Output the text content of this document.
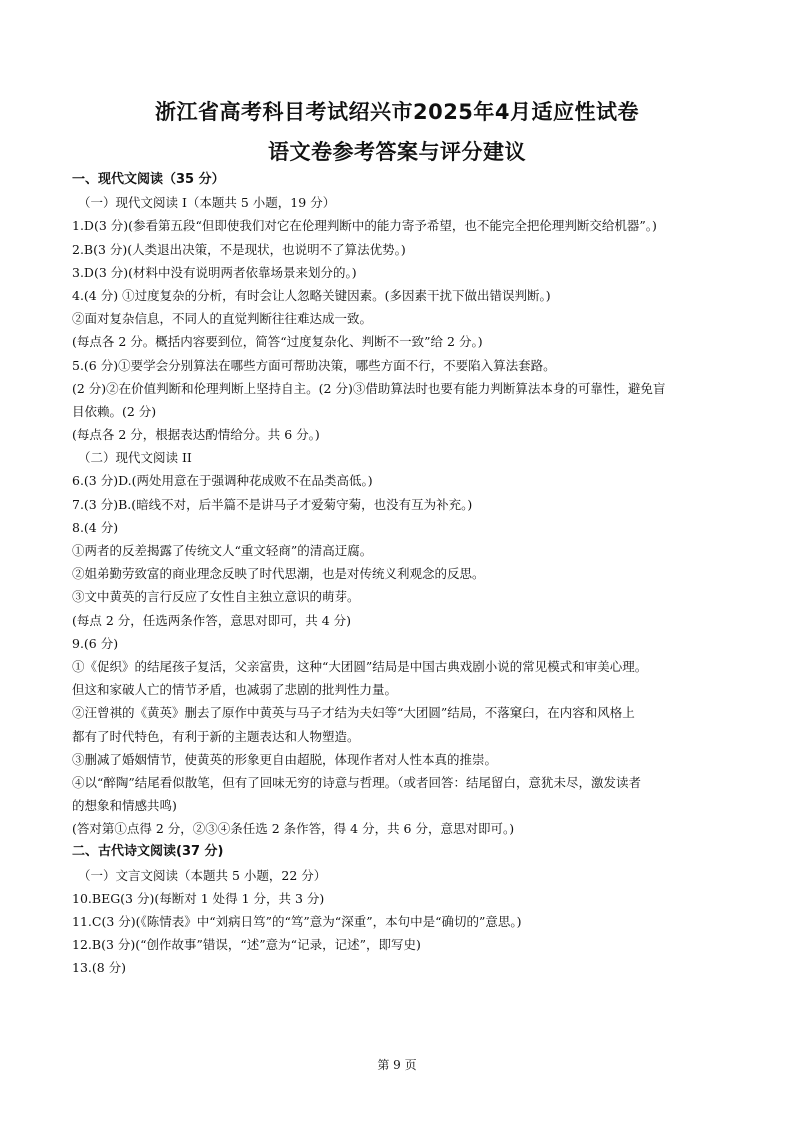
浙江省高考科目考试绍兴市2025年4月适应性试卷
语文卷参考答案与评分建议
一、现代文阅读（35 分）
（一）现代文阅读 I（本题共 5 小题，19 分）
1.D(3 分)(参看第五段“但即使我们对它在伦理判断中的能力寄予希望，也不能完全把伦理判断交给机器”。)
2.B(3 分)(人类退出决策，不是现状，也说明不了算法优势。)
3.D(3 分)(材料中没有说明两者依靠场景来划分的。)
4.(4 分) ①过度复杂的分析，有时会让人忽略关键因素。(多因素干扰下做出错误判断。)
②面对复杂信息，不同人的直觉判断往往难达成一致。
(每点各 2 分。概括内容要到位，简答“过度复杂化、判断不一致”给 2 分。)
5.(6 分)①要学会分别算法在哪些方面可帮助决策，哪些方面不行，不要陷入算法套路。
(2 分)②在价值判断和伦理判断上坚持自主。(2 分)③借助算法时也要有能力判断算法本身的可靠性，避免盲
目依赖。(2 分)
(每点各 2 分，根据表达酌情给分。共 6 分。)
（二）现代文阅读 II
6.(3 分)D.(两处用意在于强调种花成败不在品类高低。)
7.(3 分)B.(暗线不对，后半篇不是讲马子才爱菊守菊，也没有互为补充。)
8.(4 分)
①两者的反差揭露了传统文人“重文轻商”的清高迂腐。
②姐弟勤劳致富的商业理念反映了时代思潮，也是对传统义利观念的反思。
③文中黄英的言行反应了女性自主独立意识的萌芽。
(每点 2 分，任选两条作答，意思对即可，共 4 分)
9.(6 分)
①《促织》的结尾孩子复活，父亲富贵，这种“大团圆”结局是中国古典戏剧小说的常见模式和审美心理。
但这和家破人亡的情节矛盾，也减弱了悲剧的批判性力量。
②汪曾祺的《黄英》删去了原作中黄英与马子才结为夫妇等“大团圆”结局，不落窠臼，在内容和风格上
都有了时代特色，有利于新的主题表达和人物塑造。
③删减了婚姻情节，使黄英的形象更自由超脱，体现作者对人性本真的推崇。
④以“醉陶”结尾看似散笔，但有了回味无穷的诗意与哲理。（或者回答：结尾留白，意犹未尽，激发读者
的想象和情感共鸣)
(答对第①点得 2 分，②③④条任选 2 条作答，得 4 分，共 6 分，意思对即可。)
二、古代诗文阅读(37 分)
（一）文言文阅读（本题共 5 小题，22 分）
10.BEG(3 分)(每断对 1 处得 1 分，共 3 分)
11.C(3 分)(《陈情表》中“刘病日笃”的“笃”意为“深重”，本句中是“确切的”意思。)
12.B(3 分)(“创作故事”错误，“述”意为“记录，记述”，即写史)
13.(8 分)
第 9 页
